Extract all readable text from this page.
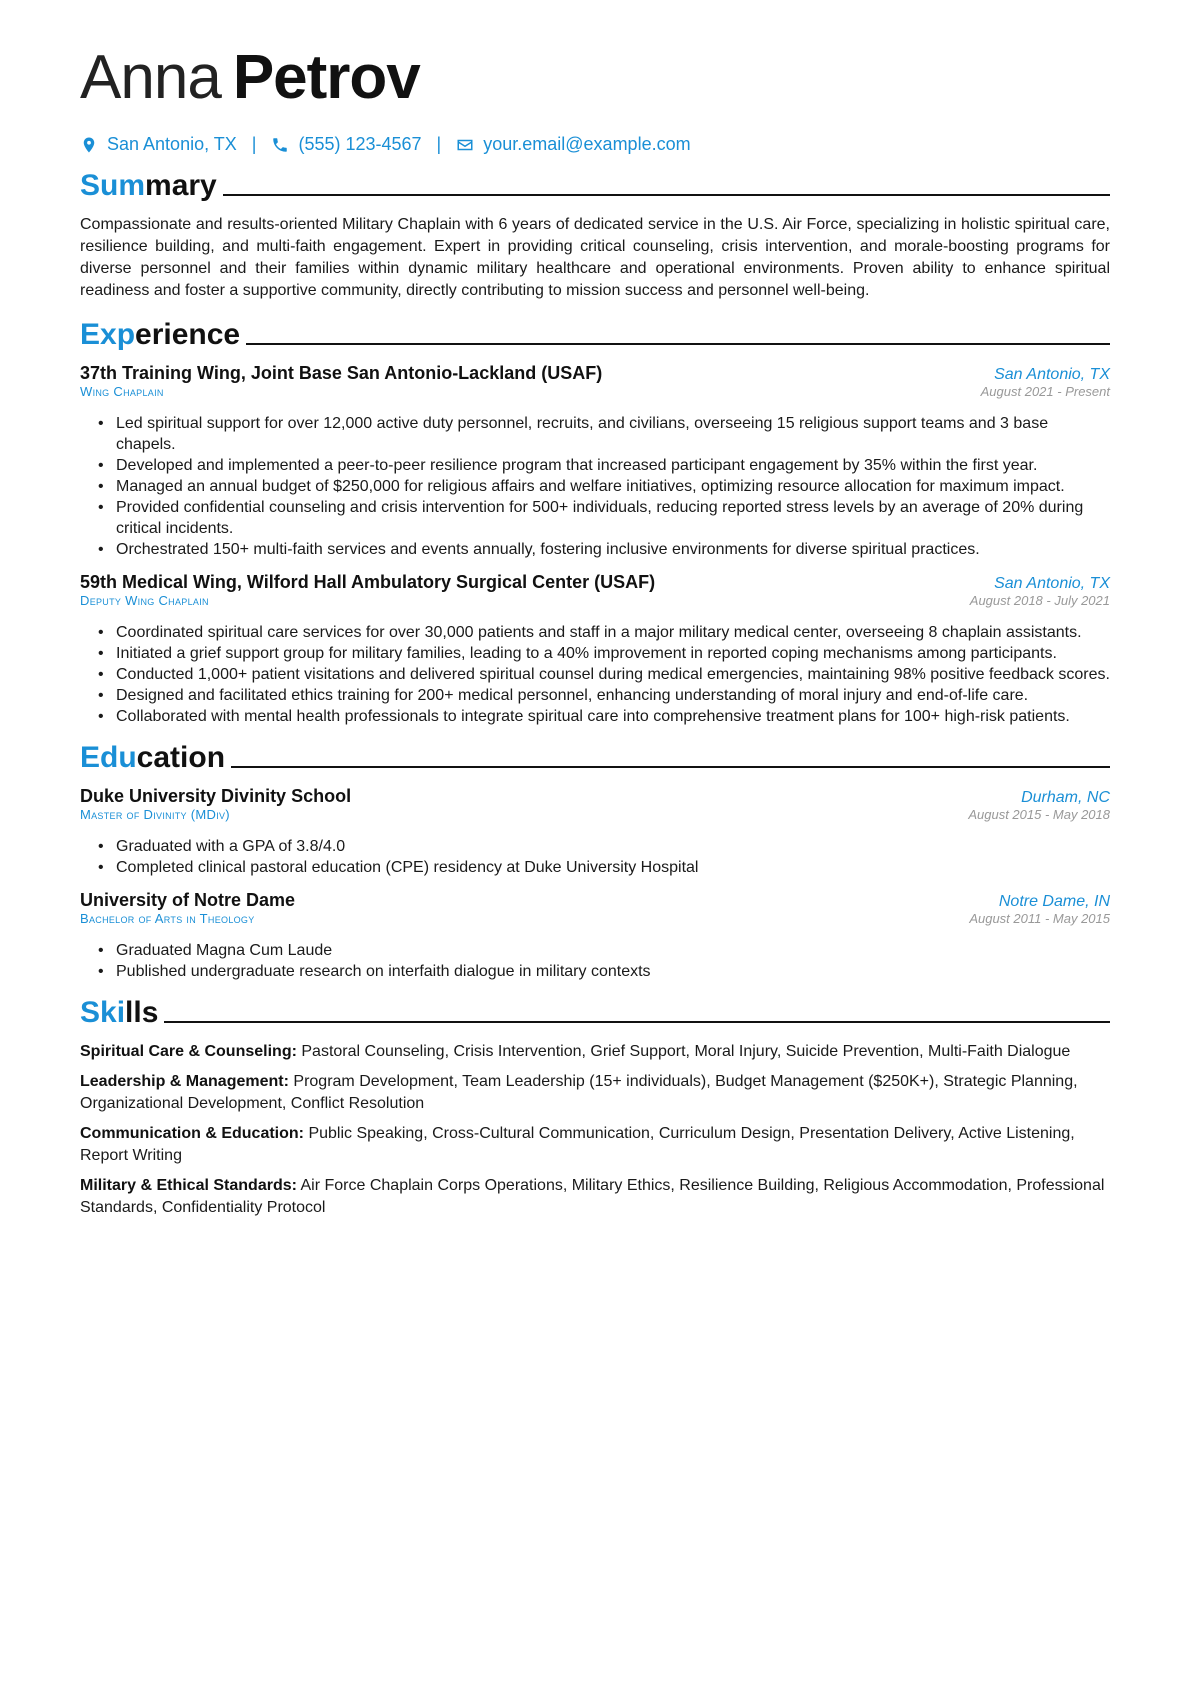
Anna Petrov
San Antonio, TX | (555) 123-4567 | your.email@example.com
Summary

Compassionate and results-oriented Military Chaplain with 6 years of dedicated service in the U.S. Air Force, specializing in holistic spiritual care, resilience building, and multi-faith engagement. Expert in providing critical counseling, crisis intervention, and morale-boosting programs for diverse personnel and their families within dynamic military healthcare and operational environments. Proven ability to enhance spiritual readiness and foster a supportive community, directly contributing to mission success and personnel well-being.

Experience
37th Training Wing, Joint Base San Antonio-Lackland (USAF)	San Antonio, TX
Wing Chaplain	August 2021 - Present
• Led spiritual support for over 12,000 active duty personnel, recruits, and civilians, overseeing 15 religious support teams and 3 base chapels.
• Developed and implemented a peer-to-peer resilience program that increased participant engagement by 35% within the first year.
• Managed an annual budget of $250,000 for religious affairs and welfare initiatives, optimizing resource allocation for maximum impact.
• Provided confidential counseling and crisis intervention for 500+ individuals, reducing reported stress levels by an average of 20% during critical incidents.
• Orchestrated 150+ multi-faith services and events annually, fostering inclusive environments for diverse spiritual practices.
59th Medical Wing, Wilford Hall Ambulatory Surgical Center (USAF)	San Antonio, TX
Deputy Wing Chaplain	August 2018 - July 2021
• Coordinated spiritual care services for over 30,000 patients and staff in a major military medical center, overseeing 8 chaplain assistants.
• Initiated a grief support group for military families, leading to a 40% improvement in reported coping mechanisms among participants.
• Conducted 1,000+ patient visitations and delivered spiritual counsel during medical emergencies, maintaining 98% positive feedback scores.
• Designed and facilitated ethics training for 200+ medical personnel, enhancing understanding of moral injury and end-of-life care.
• Collaborated with mental health professionals to integrate spiritual care into comprehensive treatment plans for 100+ high-risk patients.
Education
Duke University Divinity School	Durham, NC
Master of Divinity (MDiv)	August 2015 - May 2018
• Graduated with a GPA of 3.8/4.0
• Completed clinical pastoral education (CPE) residency at Duke University Hospital
University of Notre Dame	Notre Dame, IN
Bachelor of Arts in Theology	August 2011 - May 2015
• Graduated Magna Cum Laude
• Published undergraduate research on interfaith dialogue in military contexts
Skills
Spiritual Care & Counseling: Pastoral Counseling, Crisis Intervention, Grief Support, Moral Injury, Suicide Prevention, Multi-Faith Dialogue
Leadership & Management: Program Development, Team Leadership (15+ individuals), Budget Management ($250K+), Strategic Planning, Organizational Development, Conflict Resolution
Communication & Education: Public Speaking, Cross-Cultural Communication, Curriculum Design, Presentation Delivery, Active Listening, Report Writing
Military & Ethical Standards: Air Force Chaplain Corps Operations, Military Ethics, Resilience Building, Religious Accommodation, Professional Standards, Confidentiality Protocol
